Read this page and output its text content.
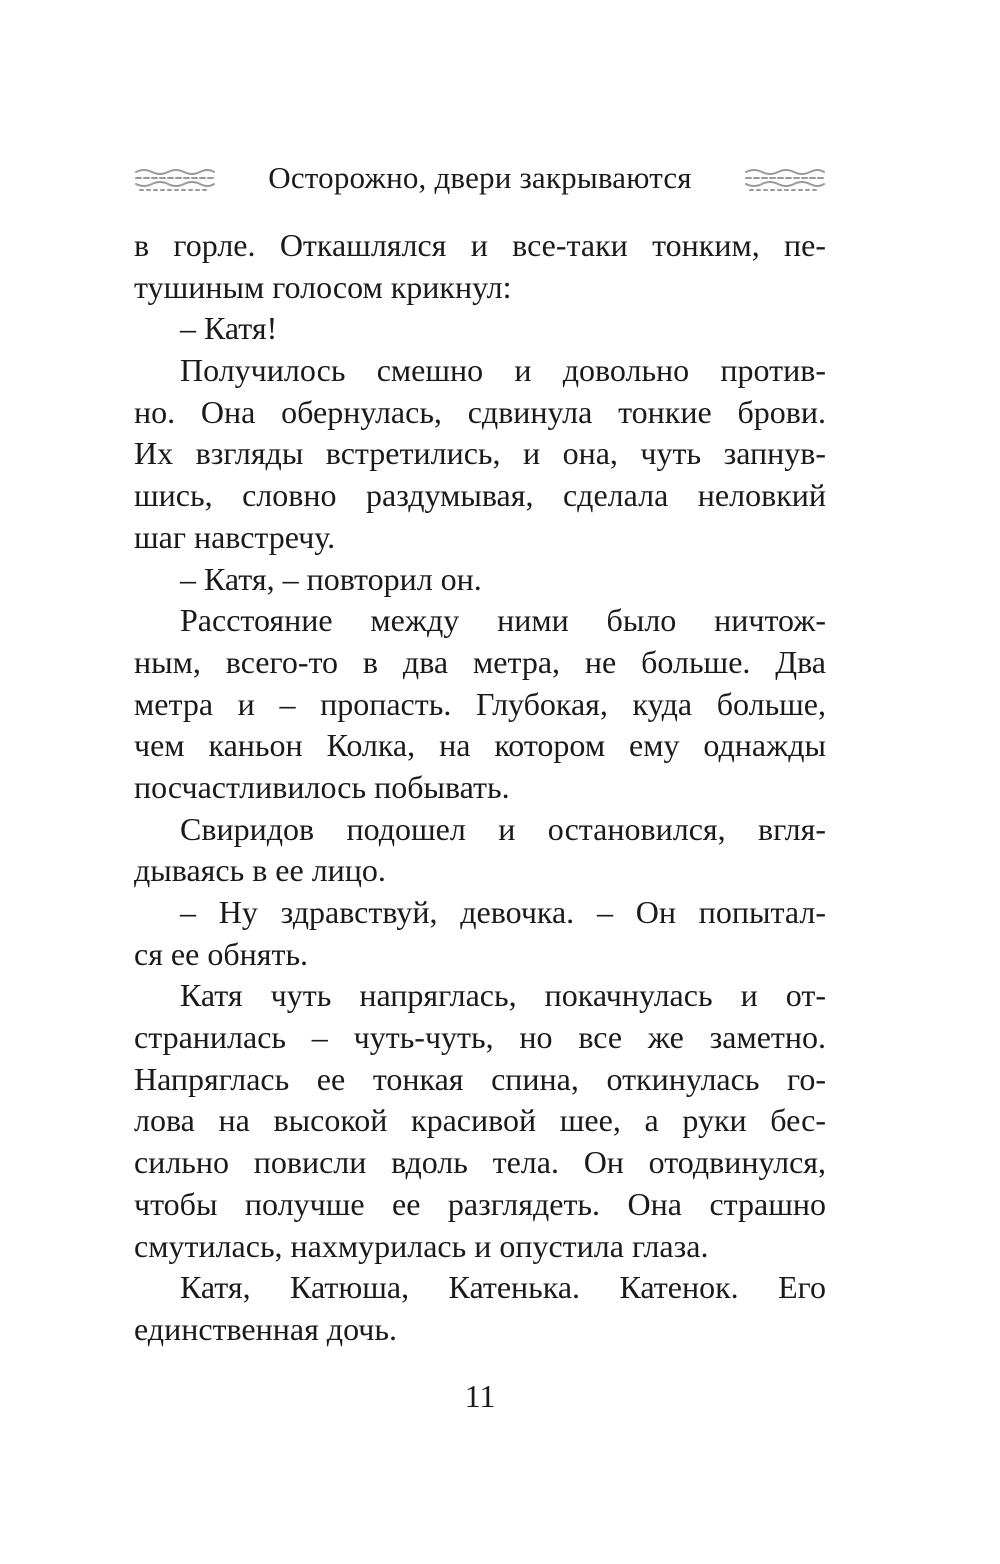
Осторожно, двери закрываются
в горле. Откашлялся и все-таки тонким, пе-
тушиным голосом крикнул:
– Катя!
Получилось смешно и довольно против-
но. Она обернулась, сдвинула тонкие брови.
Их взгляды встретились, и она, чуть запнув-
шись, словно раздумывая, сделала неловкий
шаг навстречу.
– Катя, – повторил он.
Расстояние между ними было ничтож-
ным, всего-то в два метра, не больше. Два
метра и – пропасть. Глубокая, куда больше,
чем каньон Колка, на котором ему однажды
посчастливилось побывать.
Свиридов подошел и остановился, вгля-
дываясь в ее лицо.
– Ну здравствуй, девочка. – Он попытал-
ся ее обнять.
Катя чуть напряглась, покачнулась и от-
странилась – чуть-чуть, но все же заметно.
Напряглась ее тонкая спина, откинулась го-
лова на высокой красивой шее, а руки бес-
сильно повисли вдоль тела. Он отодвинулся,
чтобы получше ее разглядеть. Она страшно
смутилась, нахмурилась и опустила глаза.
Катя, Катюша, Катенька. Катенок. Его
единственная дочь.
11
